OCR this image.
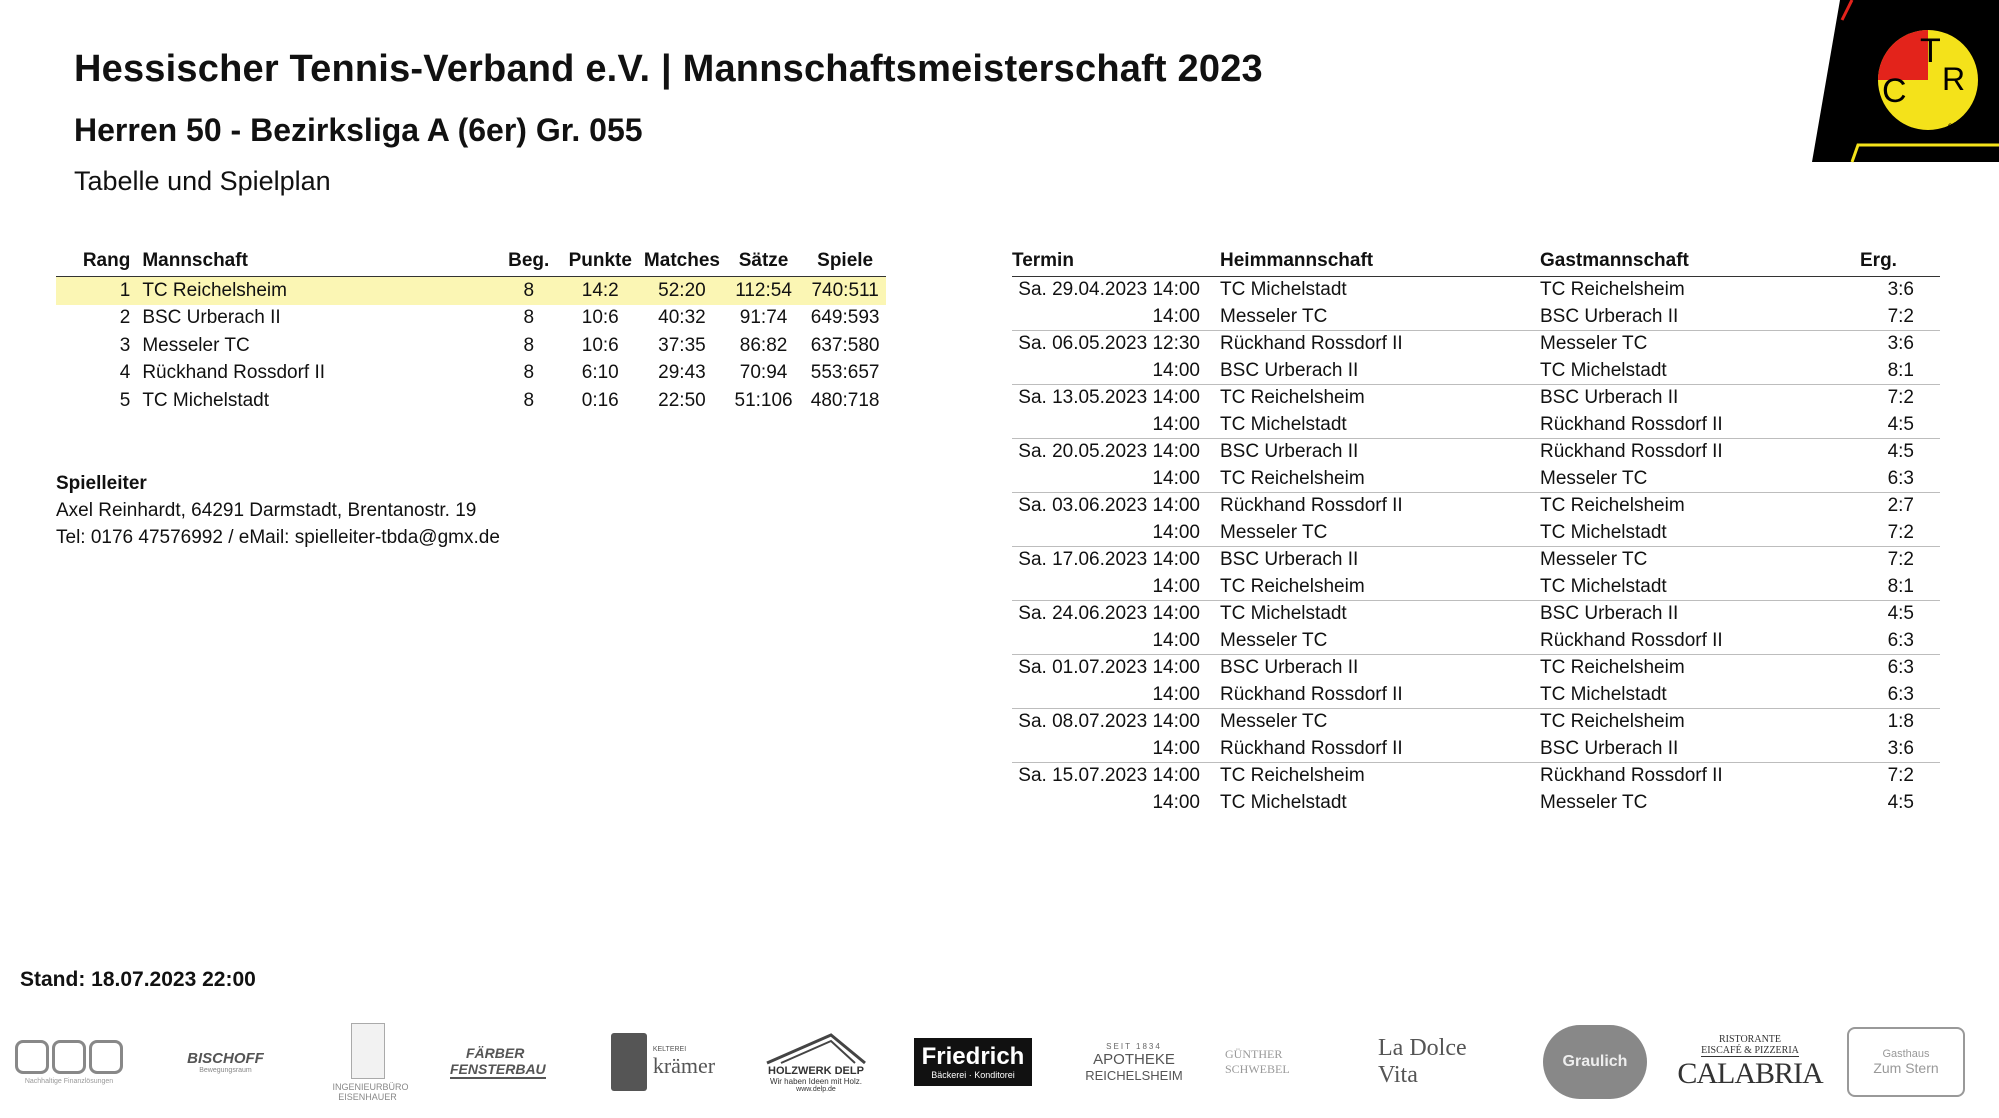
Hessischer Tennis-Verband e.V. | Mannschaftsmeisterschaft 2023
Herren 50 - Bezirksliga A (6er) Gr. 055
Tabelle und Spielplan
T
C R
e.V
Rang	Mannschaft	Beg.	Punkte	Matches	Sätze	Spiele
1	TC Reichelsheim	8	14:2	52:20	112:54	740:511
2	BSC Urberach II	8	10:6	40:32	91:74	649:593
3	Messeler TC	8	10:6	37:35	86:82	637:580
4	Rückhand Rossdorf II	8	6:10	29:43	70:94	553:657
5	TC Michelstadt	8	0:16	22:50	51:106	480:718
Spielleiter
Axel Reinhardt, 64291 Darmstadt, Brentanostr. 19
Tel: 0176 47576992 / eMail: spielleiter-tbda@gmx.de
Termin	Heimmannschaft	Gastmannschaft	Erg.
Sa. 29.04.2023 14:00	TC Michelstadt	TC Reichelsheim	3:6
14:00	Messeler TC	BSC Urberach II	7:2
Sa. 06.05.2023 12:30	Rückhand Rossdorf II	Messeler TC	3:6
14:00	BSC Urberach II	TC Michelstadt	8:1
Sa. 13.05.2023 14:00	TC Reichelsheim	BSC Urberach II	7:2
14:00	TC Michelstadt	Rückhand Rossdorf II	4:5
Sa. 20.05.2023 14:00	BSC Urberach II	Rückhand Rossdorf II	4:5
14:00	TC Reichelsheim	Messeler TC	6:3
Sa. 03.06.2023 14:00	Rückhand Rossdorf II	TC Reichelsheim	2:7
14:00	Messeler TC	TC Michelstadt	7:2
Sa. 17.06.2023 14:00	BSC Urberach II	Messeler TC	7:2
14:00	TC Reichelsheim	TC Michelstadt	8:1
Sa. 24.06.2023 14:00	TC Michelstadt	BSC Urberach II	4:5
14:00	Messeler TC	Rückhand Rossdorf II	6:3
Sa. 01.07.2023 14:00	BSC Urberach II	TC Reichelsheim	6:3
14:00	Rückhand Rossdorf II	TC Michelstadt	6:3
Sa. 08.07.2023 14:00	Messeler TC	TC Reichelsheim	1:8
14:00	Rückhand Rossdorf II	BSC Urberach II	3:6
Sa. 15.07.2023 14:00	TC Reichelsheim	Rückhand Rossdorf II	7:2
14:00	TC Michelstadt	Messeler TC	4:5
Stand: 18.07.2023 22:00
Nachhaltige Finanzlösungen
BISCHOFF
Bewegungsraum
INGENIEURBÜRO EISENHAUER
FÄRBER
FENSTERBAU
KELTEREI
krämer	HOLZWERK DELP
Wir haben Ideen mit Holz.
www.delp.de
Friedrich
Bäckerei · Konditorei
SEIT 1834
APOTHEKE
REICHELSHEIM
GÜNTHER SCHWEBEL
La Dolce Vita
Graulich
RISTORANTE
EISCAFÉ & PIZZERIA
CALABRIA
Gasthaus
Zum Stern
